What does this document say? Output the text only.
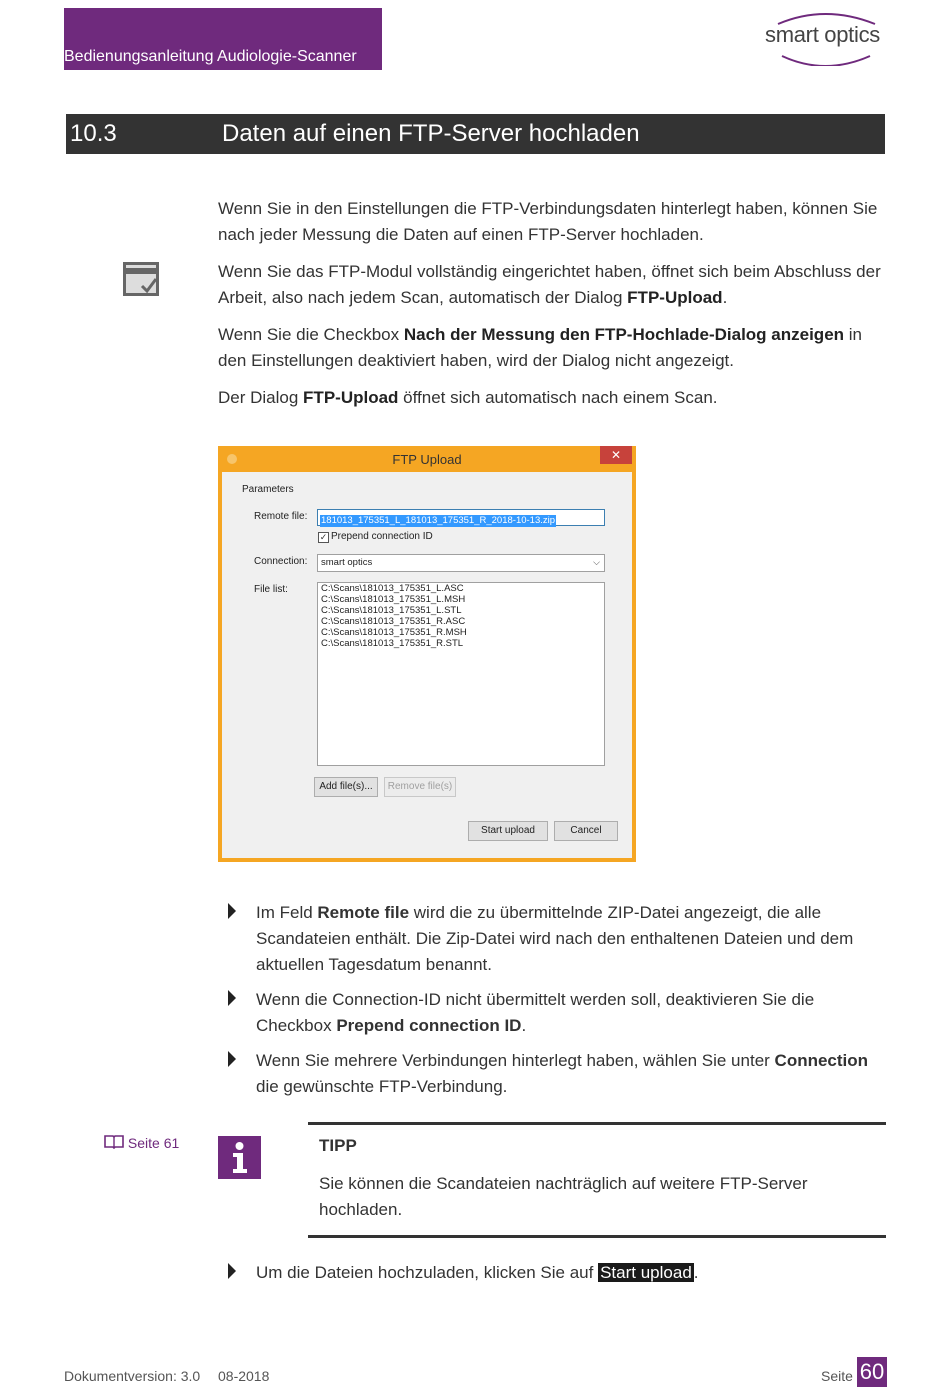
Bedienungsanleitung Audiologie-Scanner
smart optics
10.3	Daten auf einen FTP-Server hochladen
Wenn Sie in den Einstellungen die FTP-Verbindungsdaten hinterlegt haben, können Sie nach jeder Messung die Daten auf einen FTP-Server hochladen.
Wenn Sie das FTP-Modul vollständig eingerichtet haben, öffnet sich beim Abschluss der Arbeit, also nach jedem Scan, automatisch der Dialog FTP-Upload.
Wenn Sie die Checkbox Nach der Messung den FTP-Hochlade-Dialog anzeigen in den Einstellungen deaktiviert haben, wird der Dialog nicht angezeigt.
Der Dialog FTP-Upload öffnet sich automatisch nach einem Scan.
FTP Upload	✕
Parameters
Remote file:	181013_175351_L_181013_175351_R_2018-10-13.zip
✓ Prepend connection ID
Connection: smart optics	⌵
File list:	C:\Scans\181013_175351_L.ASC
C:\Scans\181013_175351_L.MSH
C:\Scans\181013_175351_L.STL
C:\Scans\181013_175351_R.ASC
C:\Scans\181013_175351_R.MSH
C:\Scans\181013_175351_R.STL
Add file(s)...	Remove file(s)
Start upload	Cancel
Im Feld Remote file wird die zu übermittelnde ZIP-Datei angezeigt, die alle Scandateien enthält. Die Zip-Datei wird nach den enthaltenen Dateien und dem aktuellen Tagesdatum benannt.
Wenn die Connection-ID nicht übermittelt werden soll, deaktivieren Sie die Checkbox Prepend connection ID.
Wenn Sie mehrere Verbindungen hinterlegt haben, wählen Sie unter Connection die gewünschte FTP-Verbindung.
Seite 61	TIPP
Sie können die Scandateien nachträglich auf weitere FTP-Server hochladen.
Um die Dateien hochzuladen, klicken Sie auf Start upload .
Dokumentversion: 3.0 08-2018	Seite 60
